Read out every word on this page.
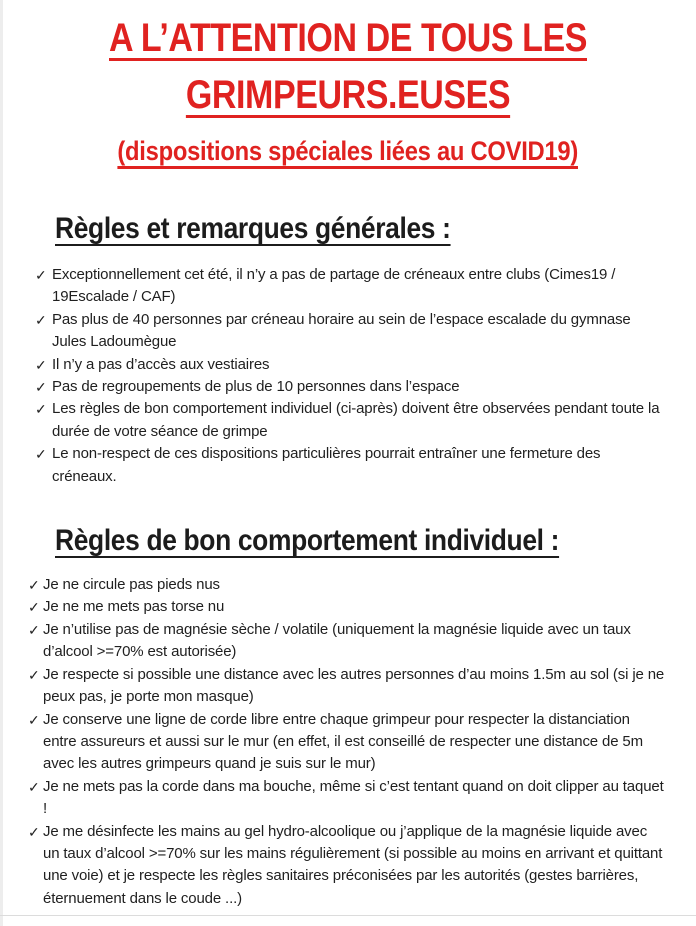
A L’ATTENTION DE TOUS LES
GRIMPEURS.EUSES
(dispositions spéciales liées au COVID19)
Règles et remarques générales :
✓ Exceptionnellement cet été, il n’y a pas de partage de créneaux entre clubs (Cimes19 / 19Escalade / CAF)
✓ Pas plus de 40 personnes par créneau horaire au sein de l’espace escalade du gymnase Jules Ladoumègue
✓ Il n’y a pas d’accès aux vestiaires
✓ Pas de regroupements de plus de 10 personnes dans l’espace
✓ Les règles de bon comportement individuel (ci-après) doivent être observées pendant toute la durée de votre séance de grimpe
✓ Le non-respect de ces dispositions particulières pourrait entraîner une fermeture des créneaux.
Règles de bon comportement individuel :
✓ Je ne circule pas pieds nus
✓ Je ne me mets pas torse nu
✓ Je n’utilise pas de magnésie sèche / volatile (uniquement la magnésie liquide avec un taux d’alcool >=70% est autorisée)
✓ Je respecte si possible une distance avec les autres personnes d’au moins 1.5m au sol (si je ne peux pas, je porte mon masque)
✓ Je conserve une ligne de corde libre entre chaque grimpeur pour respecter la distanciation entre assureurs et aussi sur le mur (en effet, il est conseillé de respecter une distance de 5m avec les autres grimpeurs quand je suis sur le mur)
✓ Je ne mets pas la corde dans ma bouche, même si c’est tentant quand on doit clipper au taquet !
✓ Je me désinfecte les mains au gel hydro-alcoolique ou j’applique de la magnésie liquide avec un taux d’alcool >=70% sur les mains régulièrement (si possible au moins en arrivant et quittant une voie) et je respecte les règles sanitaires préconisées par les autorités (gestes barrières, éternuement dans le coude ...)
